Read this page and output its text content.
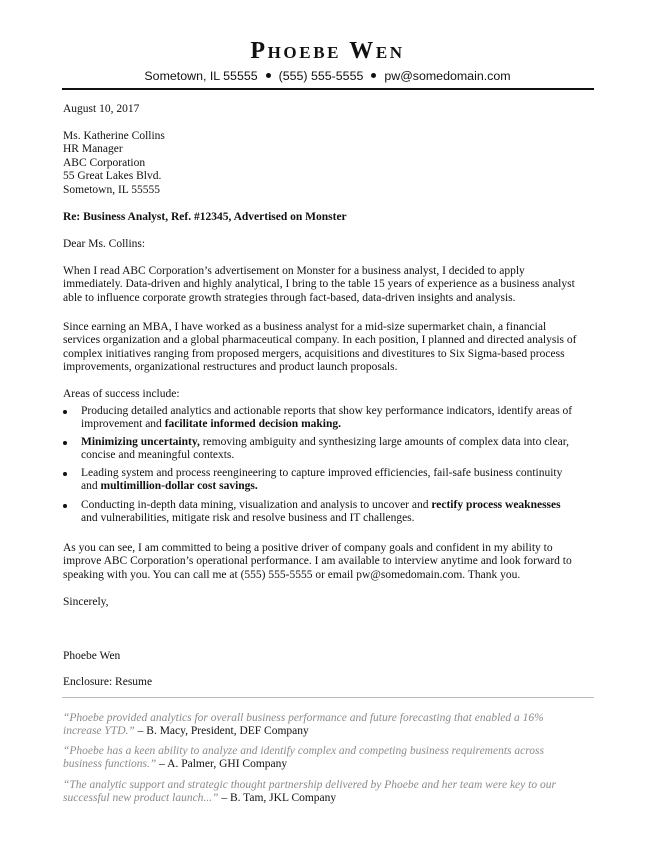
Phoebe Wen
Sometown, IL 55555 (555) 555-5555 pw@somedomain.com
August 10, 2017
Ms. Katherine Collins
HR Manager
ABC Corporation
55 Great Lakes Blvd.
Sometown, IL 55555
Re: Business Analyst, Ref. #12345, Advertised on Monster
Dear Ms. Collins:
When I read ABC Corporation’s advertisement on Monster for a business analyst, I decided to apply
immediately. Data-driven and highly analytical, I bring to the table 15 years of experience as a business analyst
able to influence corporate growth strategies through fact-based, data-driven insights and analysis.
Since earning an MBA, I have worked as a business analyst for a mid-size supermarket chain, a financial
services organization and a global pharmaceutical company. In each position, I planned and directed analysis of
complex initiatives ranging from proposed mergers, acquisitions and divestitures to Six Sigma-based process
improvements, organizational restructures and product launch proposals.
Areas of success include:
Producing detailed analytics and actionable reports that show key performance indicators, identify areas of
improvement and facilitate informed decision making.
Minimizing uncertainty, removing ambiguity and synthesizing large amounts of complex data into clear,
concise and meaningful contexts.
Leading system and process reengineering to capture improved efficiencies, fail-safe business continuity
and multimillion-dollar cost savings.
Conducting in-depth data mining, visualization and analysis to uncover and rectify process weaknesses
and vulnerabilities, mitigate risk and resolve business and IT challenges.
As you can see, I am committed to being a positive driver of company goals and confident in my ability to
improve ABC Corporation’s operational performance. I am available to interview anytime and look forward to
speaking with you. You can call me at (555) 555-5555 or email pw@somedomain.com. Thank you.
Sincerely,
Phoebe Wen
Enclosure: Resume
“Phoebe provided analytics for overall business performance and future forecasting that enabled a 16%
increase YTD.” – B. Macy, President, DEF Company
“Phoebe has a keen ability to analyze and identify complex and competing business requirements across
business functions.” – A. Palmer, GHI Company
“The analytic support and strategic thought partnership delivered by Phoebe and her team were key to our
successful new product launch...” – B. Tam, JKL Company
